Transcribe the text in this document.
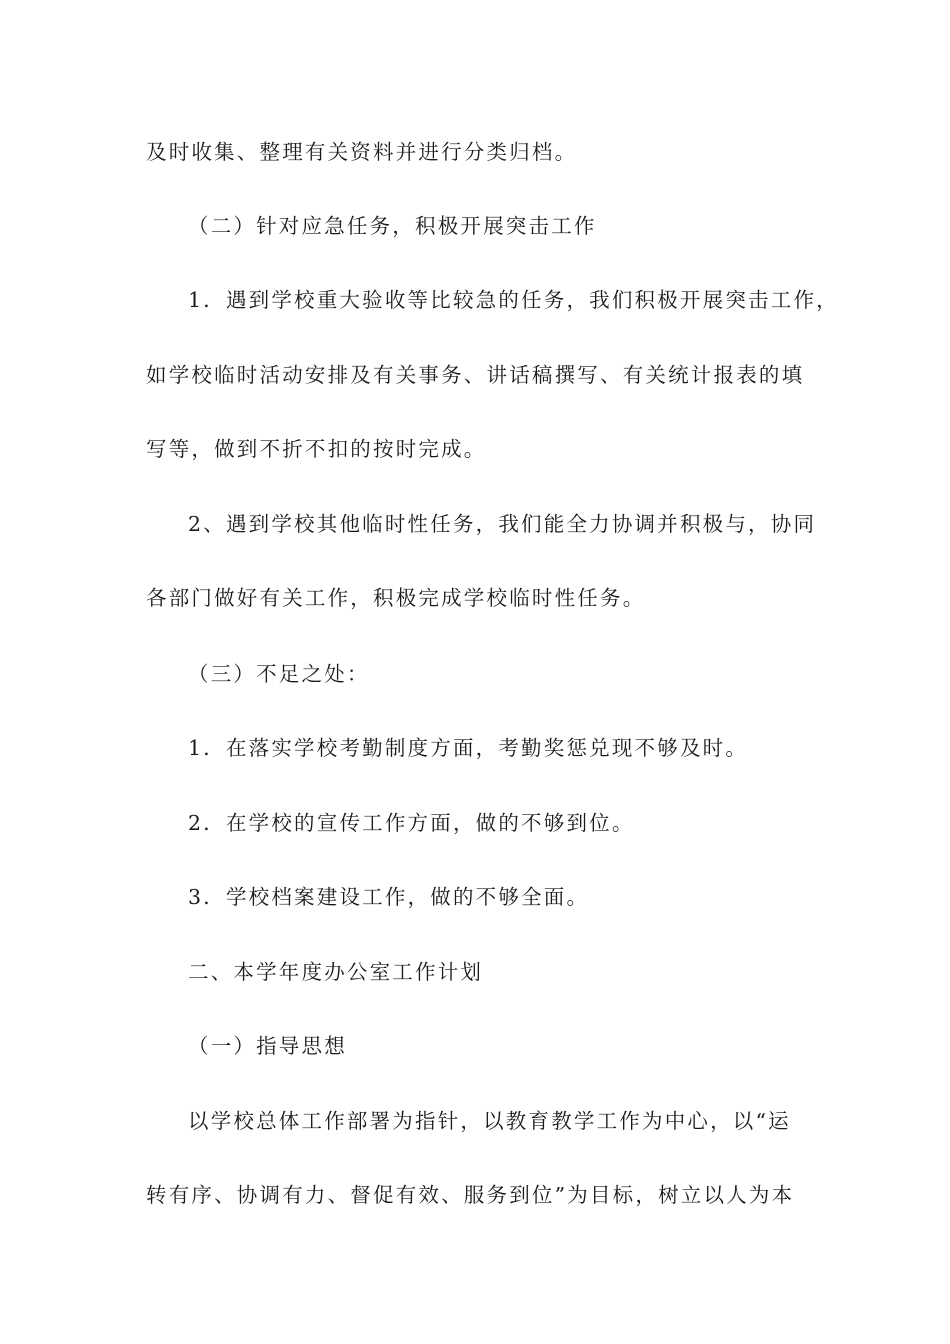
及时收集、整理有关资料并进行分类归档。
（二）针对应急任务，积极开展突击工作
1．遇到学校重大验收等比较急的任务，我们积极开展突击工作，
如学校临时活动安排及有关事务、讲话稿撰写、有关统计报表的填
写等，做到不折不扣的按时完成。
2、遇到学校其他临时性任务，我们能全力协调并积极与，协同
各部门做好有关工作，积极完成学校临时性任务。
（三）不足之处：
1．在落实学校考勤制度方面，考勤奖惩兑现不够及时。
2．在学校的宣传工作方面，做的不够到位。
3．学校档案建设工作，做的不够全面。
二、本学年度办公室工作计划
（一）指导思想
以学校总体工作部署为指针，以教育教学工作为中心，以“运
转有序、协调有力、督促有效、服务到位”为目标，树立以人为本
